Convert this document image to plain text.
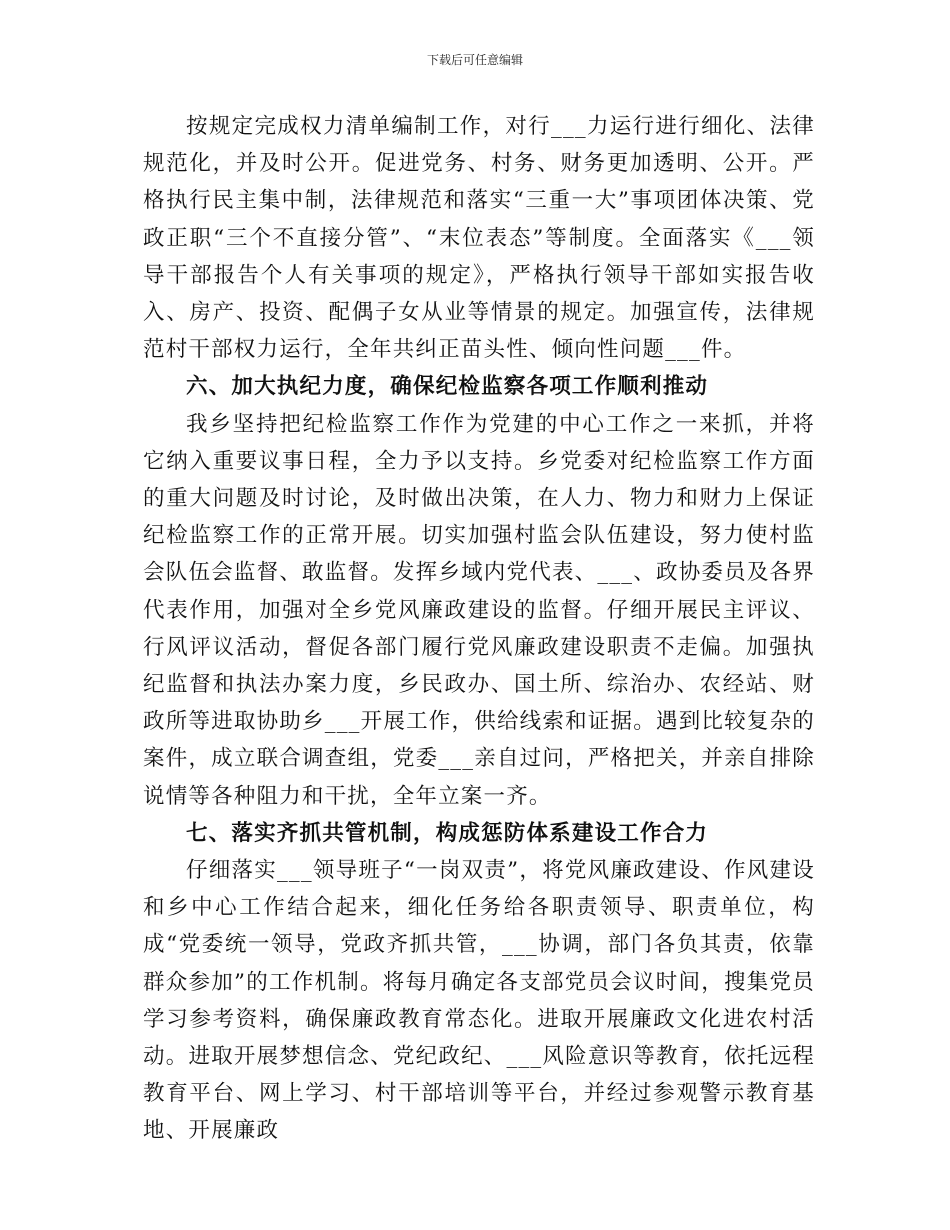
下载后可任意编辑

按规定完成权力清单编制工作，对行___力运行进行细化、法律规范化，并及时公开。促进党务、村务、财务更加透明、公开。严格执行民主集中制，法律规范和落实“三重一大”事项团体决策、党政正职“三个不直接分管”、“末位表态”等制度。全面落实《___领导干部报告个人有关事项的规定》，严格执行领导干部如实报告收入、房产、投资、配偶子女从业等情景的规定。加强宣传，法律规范村干部权力运行，全年共纠正苗头性、倾向性问题___件。

六、加大执纪力度，确保纪检监察各项工作顺利推动

我乡坚持把纪检监察工作作为党建的中心工作之一来抓，并将它纳入重要议事日程，全力予以支持。乡党委对纪检监察工作方面的重大问题及时讨论，及时做出决策，在人力、物力和财力上保证纪检监察工作的正常开展。切实加强村监会队伍建设，努力使村监会队伍会监督、敢监督。发挥乡域内党代表、___、政协委员及各界代表作用，加强对全乡党风廉政建设的监督。仔细开展民主评议、行风评议活动，督促各部门履行党风廉政建设职责不走偏。加强执纪监督和执法办案力度，乡民政办、国土所、综治办、农经站、财政所等进取协助乡___开展工作，供给线索和证据。遇到比较复杂的案件，成立联合调查组，党委___亲自过问，严格把关，并亲自排除说情等各种阻力和干扰，全年立案一齐。

七、落实齐抓共管机制，构成惩防体系建设工作合力

仔细落实___领导班子“一岗双责”，将党风廉政建设、作风建设和乡中心工作结合起来，细化任务给各职责领导、职责单位，构成“党委统一领导，党政齐抓共管，___协调，部门各负其责，依靠群众参加”的工作机制。将每月确定各支部党员会议时间，搜集党员学习参考资料，确保廉政教育常态化。进取开展廉政文化进农村活动。进取开展梦想信念、党纪政纪、___风险意识等教育，依托远程教育平台、网上学习、村干部培训等平台，并经过参观警示教育基地、开展廉政
